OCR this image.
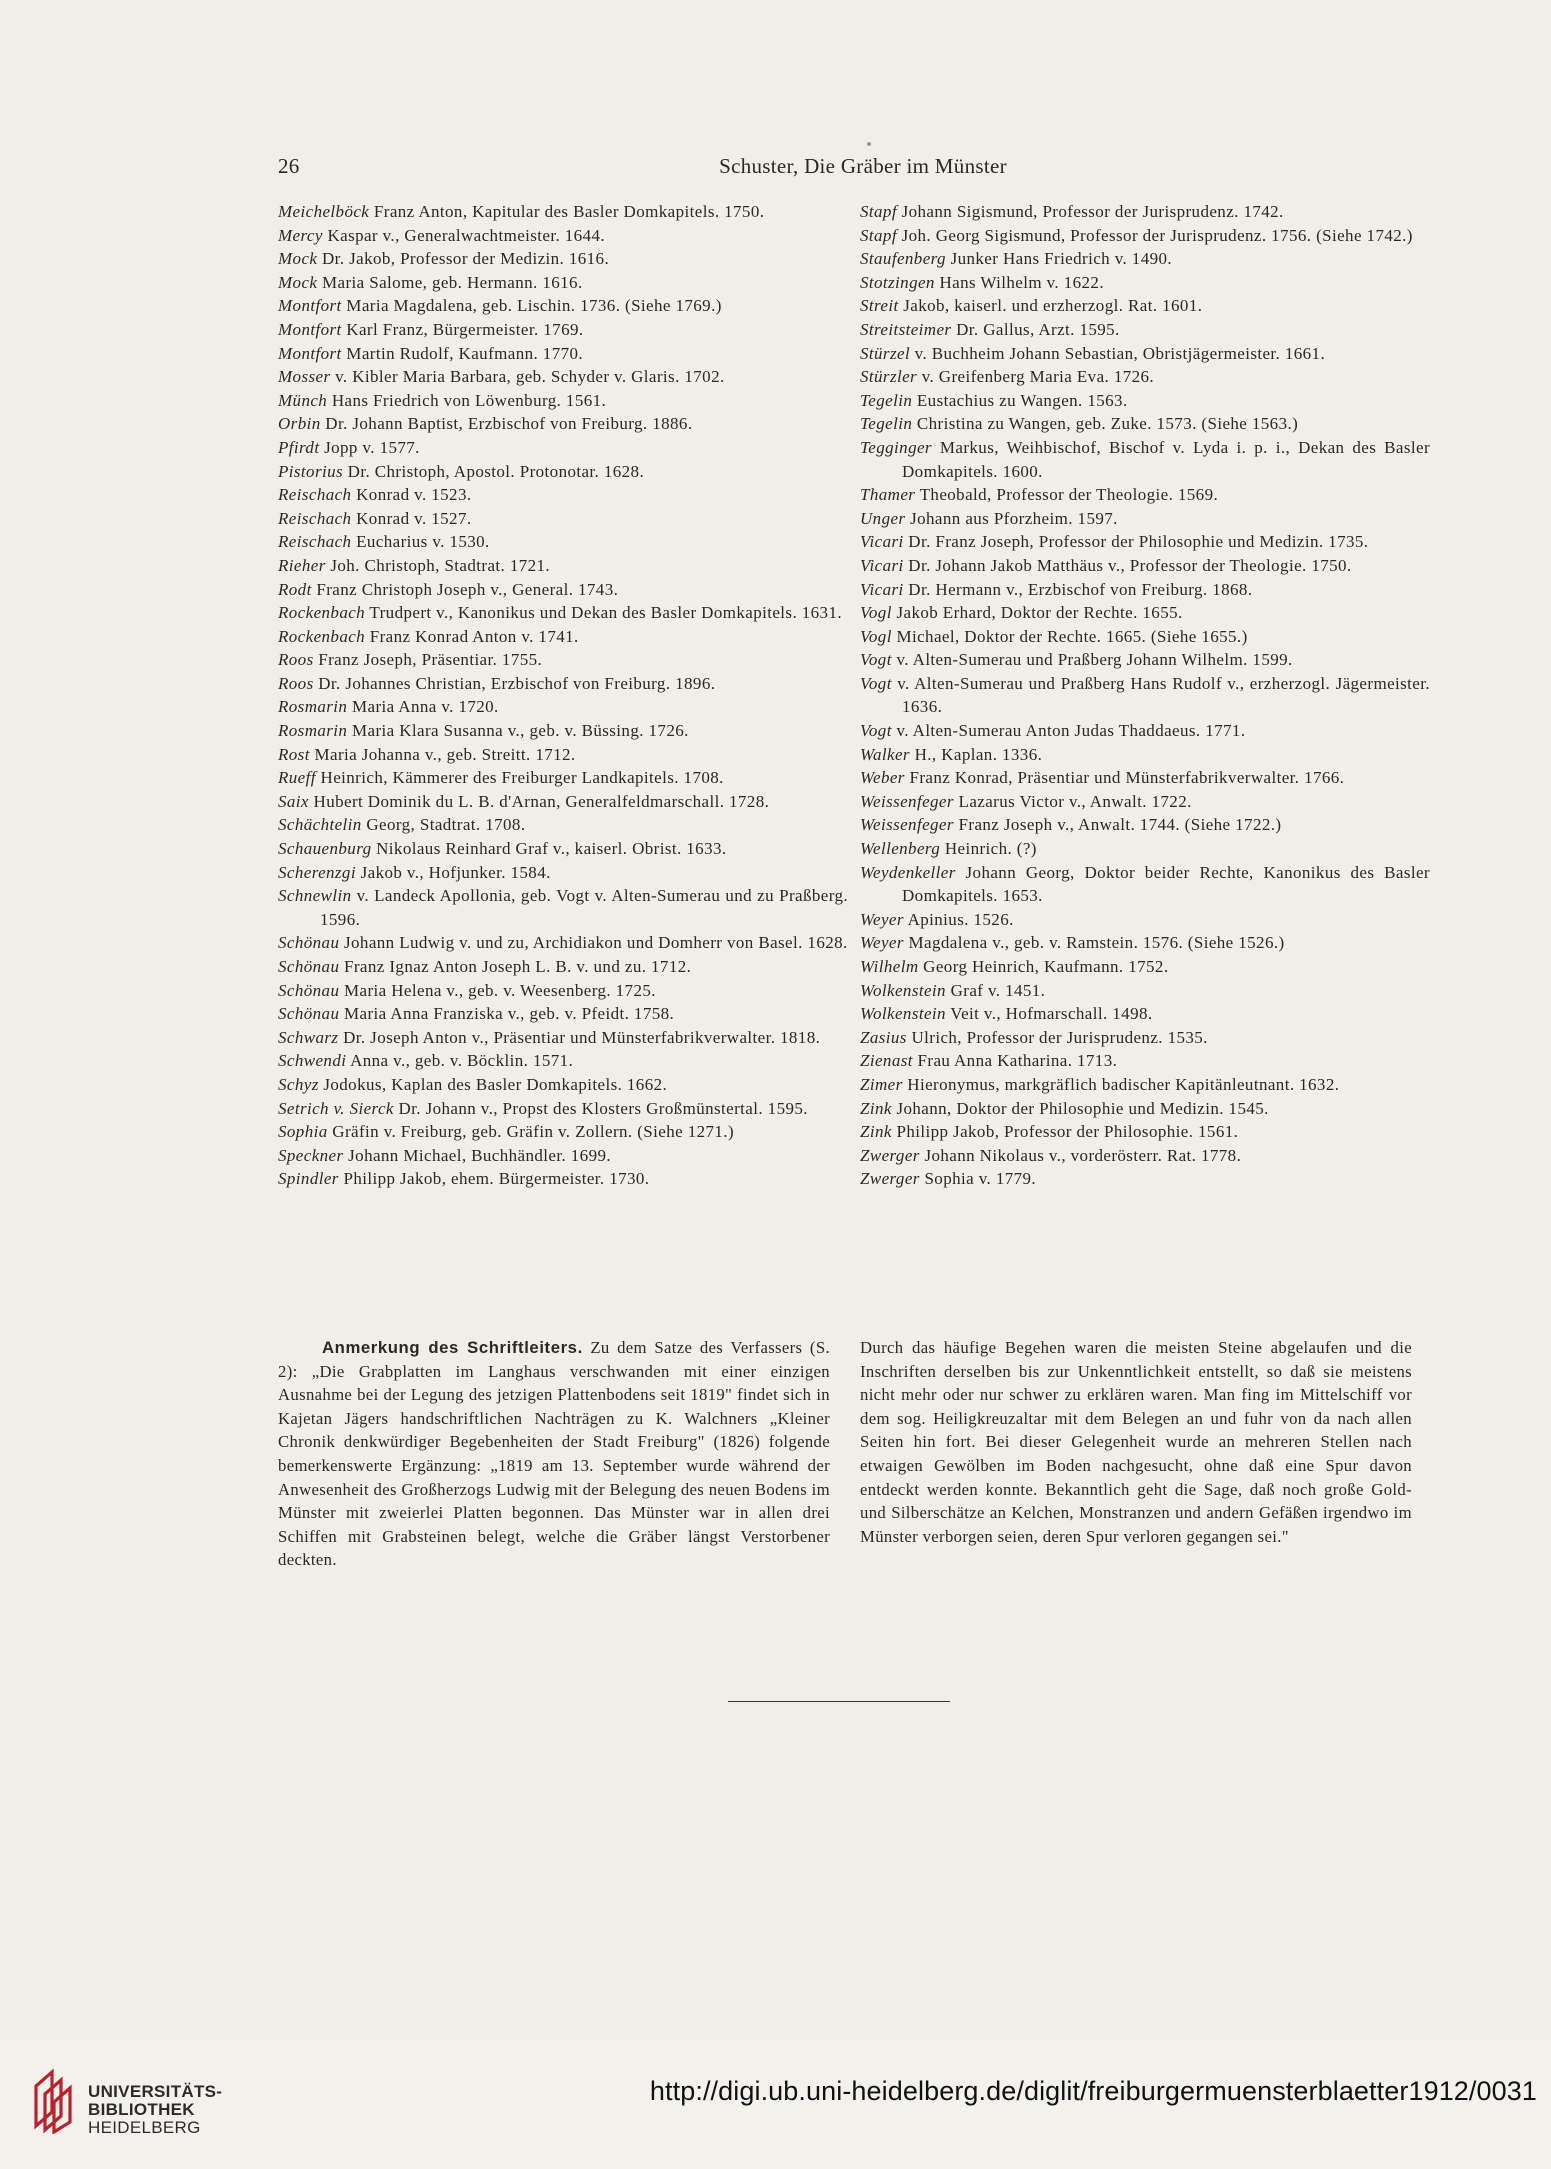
26	Schuster, Die Gräber im Münster

Meichelböck Franz Anton, Kapitular des Basler Domkapitels. 1750.

Mercy Kaspar v., Generalwachtmeister. 1644.

Mock Dr. Jakob, Professor der Medizin. 1616.

Mock Maria Salome, geb. Hermann. 1616.

Montfort Maria Magdalena, geb. Lischin. 1736. (Siehe 1769.)

Montfort Karl Franz, Bürgermeister. 1769.

Montfort Martin Rudolf, Kaufmann. 1770.

Mosser v. Kibler Maria Barbara, geb. Schyder v. Glaris. 1702.

Münch Hans Friedrich von Löwenburg. 1561.

Orbin Dr. Johann Baptist, Erzbischof von Freiburg. 1886.

Pfirdt Jopp v. 1577.

Pistorius Dr. Christoph, Apostol. Protonotar. 1628.

Reischach Konrad v. 1523.

Reischach Konrad v. 1527.

Reischach Eucharius v. 1530.

Rieher Joh. Christoph, Stadtrat. 1721.

Rodt Franz Christoph Joseph v., General. 1743.

Rockenbach Trudpert v., Kanonikus und Dekan des Basler Domkapitels. 1631.

Rockenbach Franz Konrad Anton v. 1741.

Roos Franz Joseph, Präsentiar. 1755.

Roos Dr. Johannes Christian, Erzbischof von Freiburg. 1896.

Rosmarin Maria Anna v. 1720.

Rosmarin Maria Klara Susanna v., geb. v. Büssing. 1726.

Rost Maria Johanna v., geb. Streitt. 1712.

Rueff Heinrich, Kämmerer des Freiburger Landkapitels. 1708.

Saix Hubert Dominik du L. B. d'Arnan, Generalfeldmarschall. 1728.

Schächtelin Georg, Stadtrat. 1708.

Schauenburg Nikolaus Reinhard Graf v., kaiserl. Obrist. 1633.

Scherenzgi Jakob v., Hofjunker. 1584.

Schnewlin v. Landeck Apollonia, geb. Vogt v. Alten-Sumerau und zu Praßberg. 1596.

Schönau Johann Ludwig v. und zu, Archidiakon und Domherr von Basel. 1628.

Schönau Franz Ignaz Anton Joseph L. B. v. und zu. 1712.

Schönau Maria Helena v., geb. v. Weesenberg. 1725.

Schönau Maria Anna Franziska v., geb. v. Pfeidt. 1758.

Schwarz Dr. Joseph Anton v., Präsentiar und Münsterfabrikverwalter. 1818.

Schwendi Anna v., geb. v. Böcklin. 1571.

Schyz Jodokus, Kaplan des Basler Domkapitels. 1662.

Setrich v. Sierck Dr. Johann v., Propst des Klosters Großmünstertal. 1595.

Sophia Gräfin v. Freiburg, geb. Gräfin v. Zollern. (Siehe 1271.)

Speckner Johann Michael, Buchhändler. 1699.

Spindler Philipp Jakob, ehem. Bürgermeister. 1730.

Stapf Johann Sigismund, Professor der Jurisprudenz. 1742.

Stapf Joh. Georg Sigismund, Professor der Jurisprudenz. 1756. (Siehe 1742.)

Staufenberg Junker Hans Friedrich v. 1490.

Stotzingen Hans Wilhelm v. 1622.

Streit Jakob, kaiserl. und erzherzogl. Rat. 1601.

Streitsteimer Dr. Gallus, Arzt. 1595.

Stürzel v. Buchheim Johann Sebastian, Obristjägermeister. 1661.

Stürzler v. Greifenberg Maria Eva. 1726.

Tegelin Eustachius zu Wangen. 1563.

Tegelin Christina zu Wangen, geb. Zuke. 1573. (Siehe 1563.)

Tegginger Markus, Weihbischof, Bischof v. Lyda i. p. i., Dekan des Basler Domkapitels. 1600.

Thamer Theobald, Professor der Theologie. 1569.

Unger Johann aus Pforzheim. 1597.

Vicari Dr. Franz Joseph, Professor der Philosophie und Medizin. 1735.

Vicari Dr. Johann Jakob Matthäus v., Professor der Theologie. 1750.

Vicari Dr. Hermann v., Erzbischof von Freiburg. 1868.

Vogl Jakob Erhard, Doktor der Rechte. 1655.

Vogl Michael, Doktor der Rechte. 1665. (Siehe 1655.)

Vogt v. Alten-Sumerau und Praßberg Johann Wilhelm. 1599.

Vogt v. Alten-Sumerau und Praßberg Hans Rudolf v., erzherzogl. Jägermeister. 1636.

Vogt v. Alten-Sumerau Anton Judas Thaddaeus. 1771.

Walker H., Kaplan. 1336.

Weber Franz Konrad, Präsentiar und Münsterfabrikverwalter. 1766.

Weissenfeger Lazarus Victor v., Anwalt. 1722.

Weissenfeger Franz Joseph v., Anwalt. 1744. (Siehe 1722.)

Wellenberg Heinrich. (?)

Weydenkeller Johann Georg, Doktor beider Rechte, Kanonikus des Basler Domkapitels. 1653.

Weyer Apinius. 1526.

Weyer Magdalena v., geb. v. Ramstein. 1576. (Siehe 1526.)

Wilhelm Georg Heinrich, Kaufmann. 1752.

Wolkenstein Graf v. 1451.

Wolkenstein Veit v., Hofmarschall. 1498.

Zasius Ulrich, Professor der Jurisprudenz. 1535.

Zienast Frau Anna Katharina. 1713.

Zimer Hieronymus, markgräflich badischer Kapitänleutnant. 1632.

Zink Johann, Doktor der Philosophie und Medizin. 1545.

Zink Philipp Jakob, Professor der Philosophie. 1561.

Zwerger Johann Nikolaus v., vorderösterr. Rat. 1778.

Zwerger Sophia v. 1779.

Anmerkung des Schriftleiters. Zu dem Satze des Verfassers (S. 2): „Die Grabplatten im Langhaus verschwanden mit einer einzigen Ausnahme bei der Legung des jetzigen Plattenbodens seit 1819" findet sich in Kajetan Jägers handschriftlichen Nachträgen zu K. Walchners „Kleiner Chronik denkwürdiger Begebenheiten der Stadt Freiburg" (1826) folgende bemerkenswerte Ergänzung: „1819 am 13. September wurde während der Anwesenheit des Großherzogs Ludwig mit der Belegung des neuen Bodens im Münster mit zweierlei Platten begonnen. Das Münster war in allen drei Schiffen mit Grabsteinen belegt, welche die Gräber längst Verstorbener deckten.
Durch das häufige Begehen waren die meisten Steine abgelaufen und die Inschriften derselben bis zur Unkenntlichkeit entstellt, so daß sie meistens nicht mehr oder nur schwer zu erklären waren. Man fing im Mittelschiff vor dem sog. Heiligkreuzaltar mit dem Belegen an und fuhr von da nach allen Seiten hin fort. Bei dieser Gelegenheit wurde an mehreren Stellen nach etwaigen Gewölben im Boden nachgesucht, ohne daß eine Spur davon entdeckt werden konnte. Bekanntlich geht die Sage, daß noch große Gold- und Silberschätze an Kelchen, Monstranzen und andern Gefäßen irgendwo im Münster verborgen seien, deren Spur verloren gegangen sei."
UNIVERSITÄTS-
BIBLIOTHEK
HEIDELBERG
http://digi.ub.uni-heidelberg.de/diglit/freiburgermuensterblaetter1912/0031
